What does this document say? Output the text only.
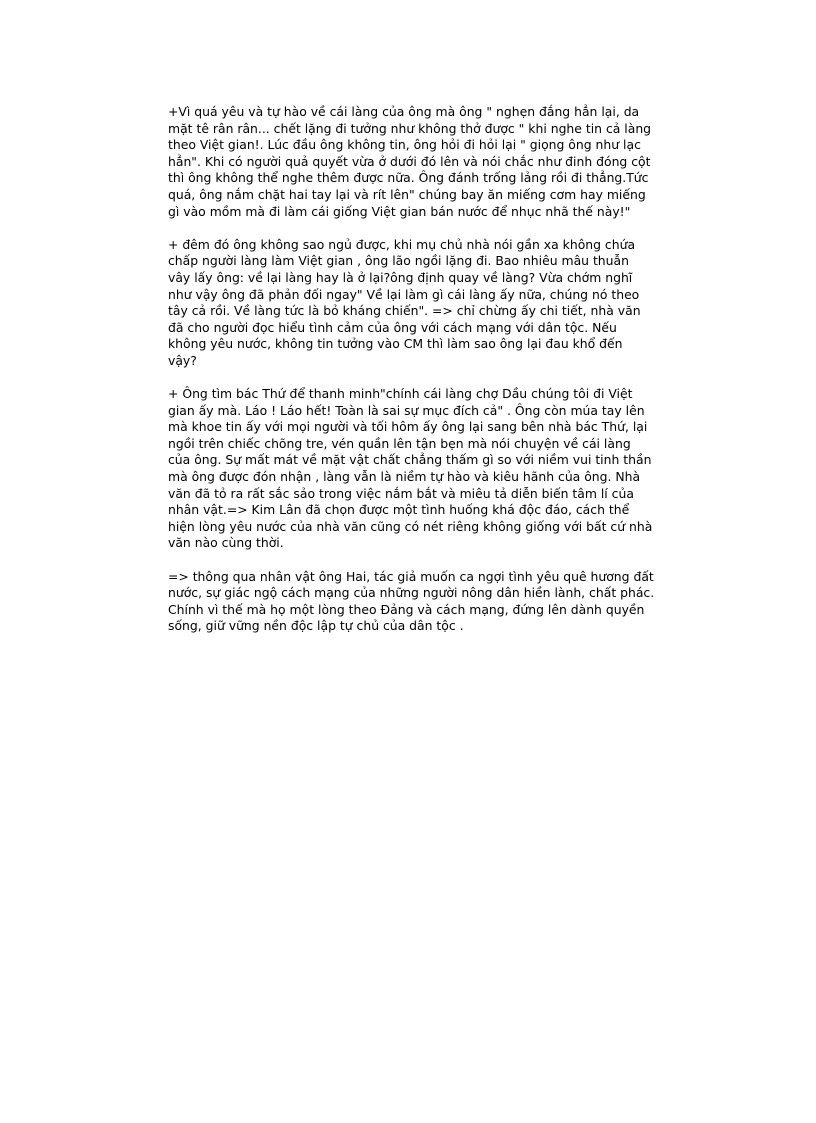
+Vì quá yêu và tự hào về cái làng của ông mà ông " nghẹn đắng hẳn lại, da
mặt tê rân rân... chết lặng đi tưởng như không thở được " khi nghe tin cả làng
theo Việt gian!. Lúc đầu ông không tin, ông hỏi đi hỏi lại " giọng ông như lạc
hẳn". Khi có người quả quyết vừa ở dưới đó lên và nói chắc như đinh đóng cột
thì ông không thể nghe thêm được nữa. Ông đánh trống lảng rồi đi thẳng.Tức
quá, ông nắm chặt hai tay lại và rít lên" chúng bay ăn miếng cơm hay miếng
gì vào mồm mà đi làm cái giống Việt gian bán nước để nhục nhã thế này!"

+ đêm đó ông không sao ngủ được, khi mụ chủ nhà nói gần xa không chứa
chấp người làng làm Việt gian , ông lão ngồi lặng đi. Bao nhiêu mâu thuẫn
vây lấy ông: về lại làng hay là ở lại?ông định quay về làng? Vừa chớm nghĩ
như vậy ông đã phản đối ngay" Về lại làm gì cái làng ấy nữa, chúng nó theo
tây cả rồi. Về làng tức là bỏ kháng chiến". => chỉ chừng ấy chi tiết, nhà văn
đã cho người đọc hiểu tình cảm của ông với cách mạng với dân tộc. Nếu
không yêu nước, không tin tưởng vào CM thì làm sao ông lại đau khổ đến
vậy?

+ Ông tìm bác Thứ để thanh minh"chính cái làng chợ Dầu chúng tôi đi Việt
gian ấy mà. Láo ! Láo hết! Toàn là sai sự mục đích cả" . Ông còn múa tay lên
mà khoe tin ấy với mọi người và tối hôm ấy ông lại sang bên nhà bác Thứ, lại
ngồi trên chiếc chõng tre, vén quần lên tận bẹn mà nói chuyện về cái làng
của ông. Sự mất mát về mặt vật chất chẳng thấm gì so với niềm vui tinh thần
mà ông được đón nhận , làng vẫn là niềm tự hào và kiêu hãnh của ông. Nhà
văn đã tỏ ra rất sắc sảo trong việc nắm bắt và miêu tả diễn biến tâm lí của
nhân vật.=> Kim Lân đã chọn được một tình huống khá độc đáo, cách thể
hiện lòng yêu nước của nhà văn cũng có nét riêng không giống với bất cứ nhà
văn nào cùng thời.

=> thông qua nhân vật ông Hai, tác giả muốn ca ngợi tình yêu quê hương đất
nước, sự giác ngộ cách mạng của những người nông dân hiền lành, chất phác.
Chính vì thế mà họ một lòng theo Đảng và cách mạng, đứng lên dành quyền
sống, giữ vững nền độc lập tự chủ của dân tộc .
